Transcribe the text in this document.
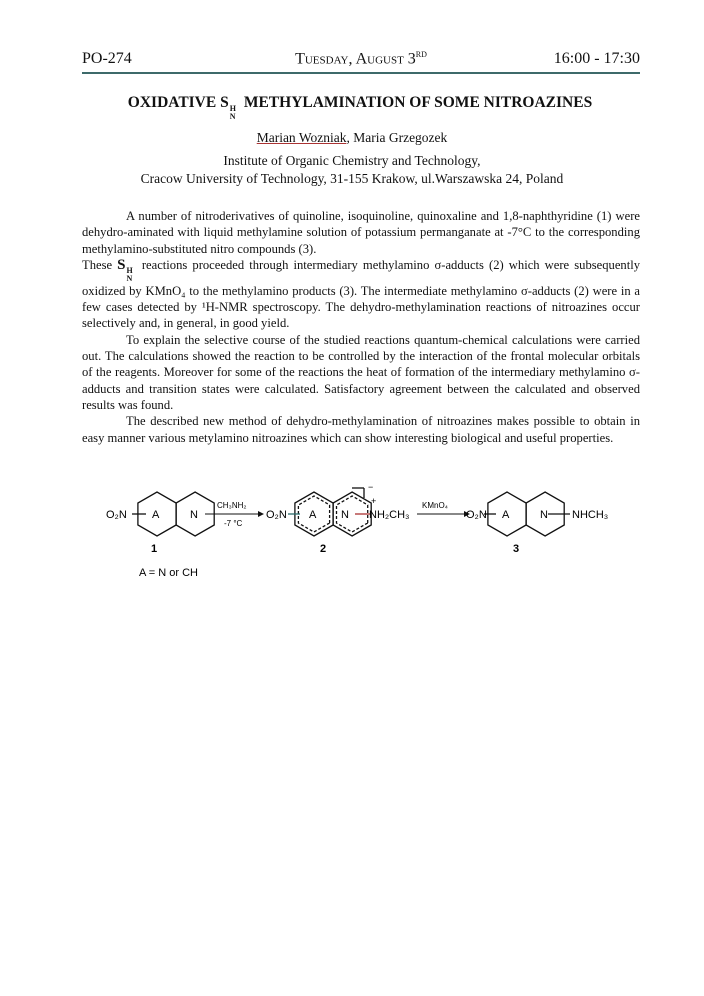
PO-274	Tuesday, August 3RD	16:00 - 17:30
OXIDATIVE S H
N
METHYLAMINATION OF SOME NITROAZINES
Marian Wozniak, Maria Grzegozek
Institute of Organic Chemistry and Technology,
Cracow University of Technology, 31-155 Krakow, ul.Warszawska 24, Poland

A number of nitroderivatives of quinoline, isoquinoline, quinoxaline and 1,8-naphthyridine (1) were dehydro-aminated with liquid methylamine solution of potassium permanganate at -7°C to the corresponding methylamino-substituted nitro compounds (3).

These S H
N
reactions proceeded through intermediary methylamino σ-adducts (2) which were subsequently oxidized by KMnO₄ to the methylamino products (3). The intermediate methylamino σ-adducts (2) were in a few cases detected by ¹H-NMR spectroscopy. The dehydro-methylamination reactions of nitroazines occur selectively and, in general, in good yield.

To explain the selective course of the studied reactions quantum-chemical calculations were carried out. The calculations showed the reaction to be controlled by the interaction of the frontal molecular orbitals of the reagents. Moreover for some of the reactions the heat of formation of the intermediary methylamino σ-adducts and transition states were calculated. Satisfactory agreement between the calculated and observed results was found.

The described new method of dehydro-methylamination of nitroazines makes possible to obtain in easy manner various metylamino nitroazines which can show interesting biological and useful properties.

O₂N A	N
1
A = N or CH
CH₃NH₂
-7 °C
O₂N A N NH₂CH₃
+
−
2
KMnO₄
O₂N A	N NHCH₃
3
